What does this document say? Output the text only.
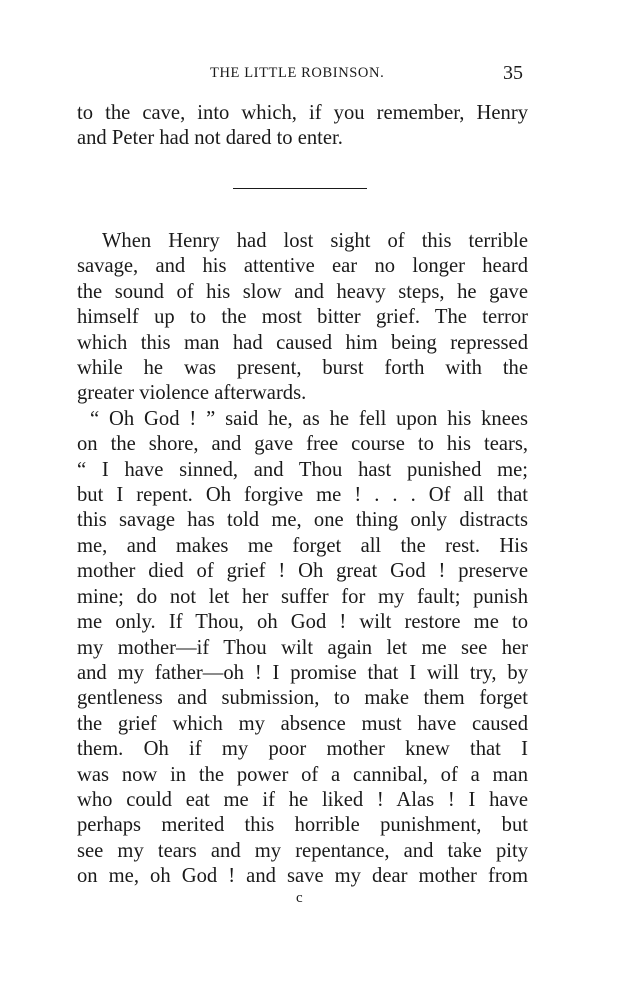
THE LITTLE ROBINSON.	35
to the cave, into which, if you remember, Henry
and Peter had not dared to enter.
When Henry had lost sight of this terrible
savage, and his attentive ear no longer heard
the sound of his slow and heavy steps, he gave
himself up to the most bitter grief. The terror
which this man had caused him being repressed
while he was present, burst forth with the
greater violence afterwards.
“ Oh God ! ” said he, as he fell upon his knees
on the shore, and gave free course to his tears,
“ I have sinned, and Thou hast punished me;
but I repent. Oh forgive me ! . . . Of all that
this savage has told me, one thing only distracts
me, and makes me forget all the rest. His
mother died of grief ! Oh great God ! preserve
mine; do not let her suffer for my fault; punish
me only. If Thou, oh God ! wilt restore me to
my mother—if Thou wilt again let me see her
and my father—oh ! I promise that I will try, by
gentleness and submission, to make them forget
the grief which my absence must have caused
them. Oh if my poor mother knew that I
was now in the power of a cannibal, of a man
who could eat me if he liked ! Alas ! I have
perhaps merited this horrible punishment, but
see my tears and my repentance, and take pity
on me, oh God ! and save my dear mother from
c
